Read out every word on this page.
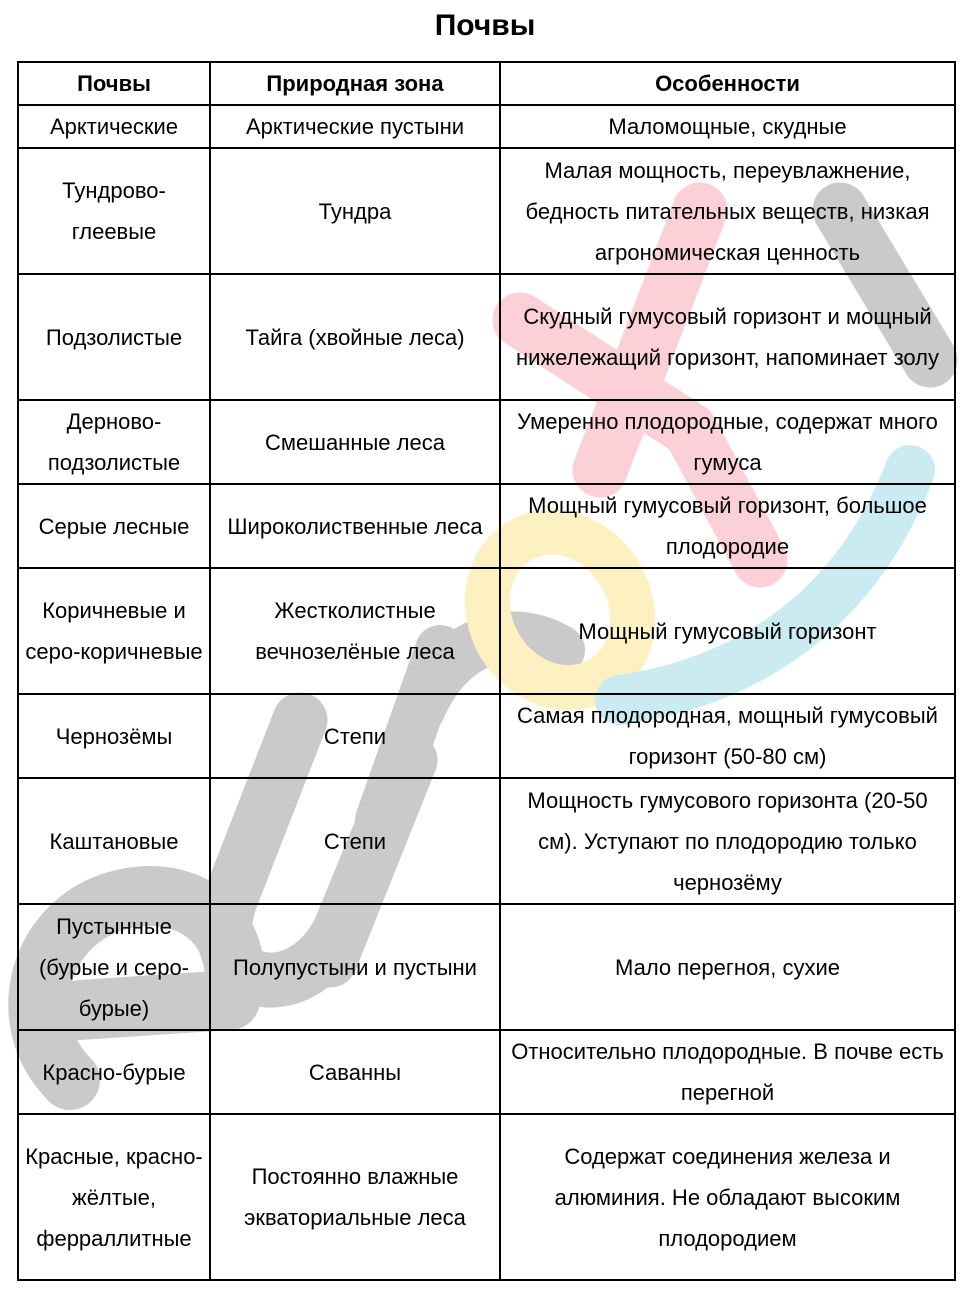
Почвы
Почвы	Природная зона	Особенности
Арктические	Арктические пустыни	Маломощные, скудные
Тундрово-глеевые	Тундра	Малая мощность, переувлажнение, бедность питательных веществ, низкая агрономическая ценность
Подзолистые	Тайга (хвойные леса)	Скудный гумусовый горизонт и мощный нижележащий горизонт, напоминает золу
Дерново-подзолистые	Смешанные леса	Умеренно плодородные, содержат много гумуса
Серые лесные	Широколиственные леса	Мощный гумусовый горизонт, большое плодородие
Коричневые и серо-коричневые	Жестколистные вечнозелёные леса	Мощный гумусовый горизонт
Чернозёмы	Степи	Самая плодородная, мощный гумусовый горизонт (50-80 см)
Каштановые	Степи	Мощность гумусового горизонта (20-50 см). Уступают по плодородию только чернозёму
Пустынные (бурые и серо-бурые)	Полупустыни и пустыни	Мало перегноя, сухие
Красно-бурые	Саванны	Относительно плодородные. В почве есть перегной
Красные, красно-жёлтые, ферраллитные	Постоянно влажные экваториальные леса	Содержат соединения железа и алюминия. Не обладают высоким плодородием
